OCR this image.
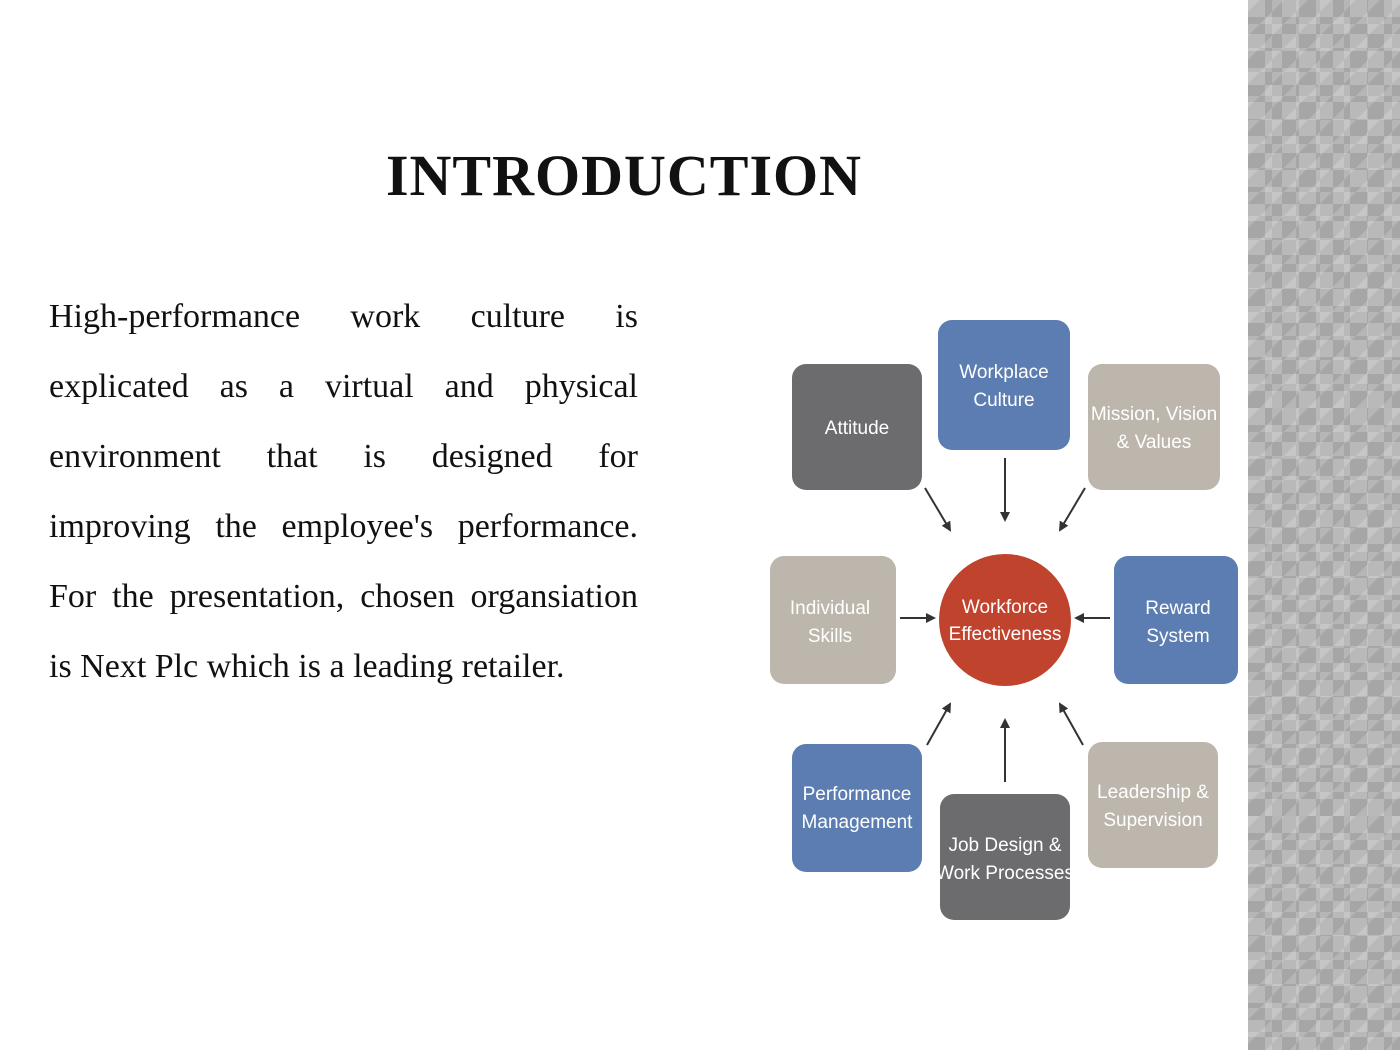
INTRODUCTION

High-performance work culture is explicated as a virtual and physical environment that is designed for improving the employee's performance. For the presentation, chosen organsiation is Next Plc which is a leading retailer.

Workforce
Effectiveness
Workplace
Culture
Attitude
Mission, Vision
& Values
Individual
Skills
Reward
System
Performance
Management
Job Design &
Work Processes
Leadership &
Supervision
